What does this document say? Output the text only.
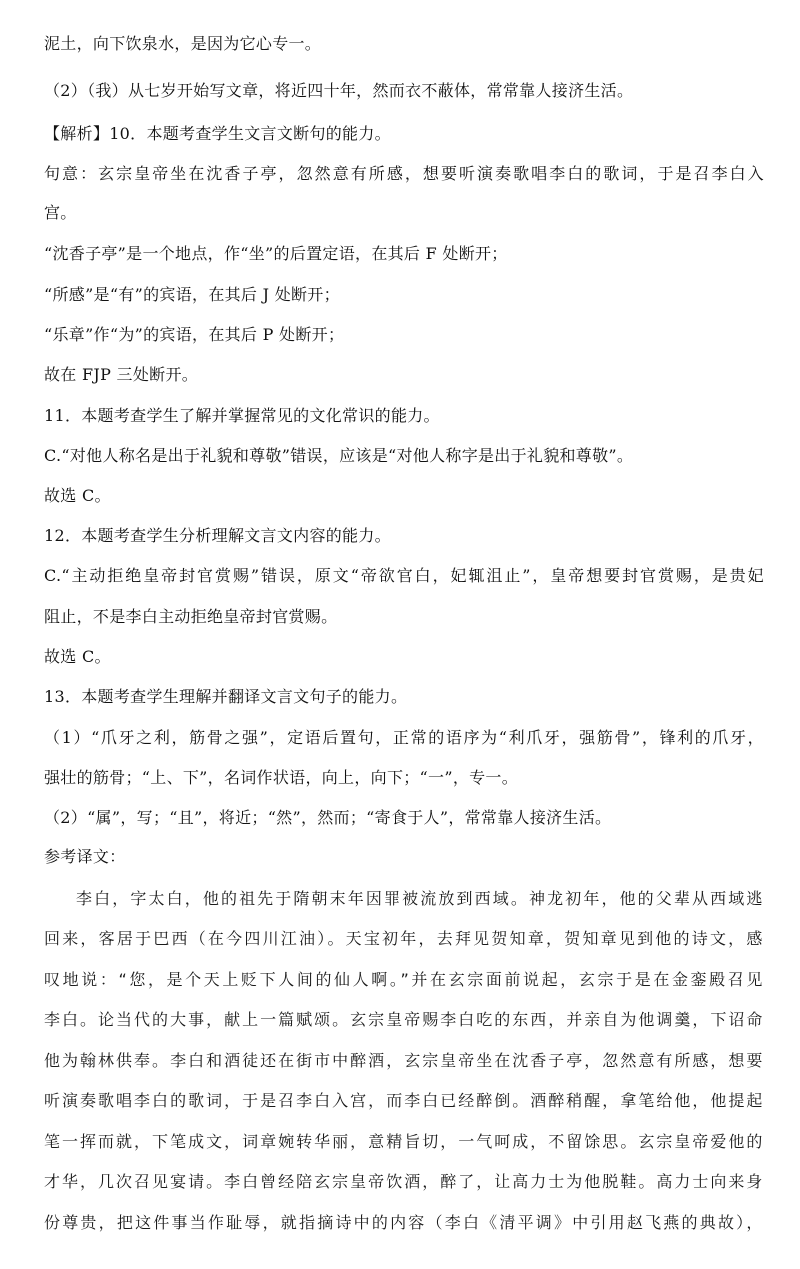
泥土，向下饮泉水，是因为它心专一。
（2）（我）从七岁开始写文章，将近四十年，然而衣不蔽体，常常靠人接济生活。
【解析】10．本题考查学生文言文断句的能力。
句意：玄宗皇帝坐在沈香子亭，忽然意有所感，想要听演奏歌唱李白的歌词，于是召李白入
宫。
“沈香子亭”是一个地点，作“坐”的后置定语，在其后 F 处断开；
“所感”是“有”的宾语，在其后 J 处断开；
“乐章”作“为”的宾语，在其后 P 处断开；
故在 FJP 三处断开。
11．本题考查学生了解并掌握常见的文化常识的能力。
C.“对他人称名是出于礼貌和尊敬”错误，应该是“对他人称字是出于礼貌和尊敬”。
故选 C。
12．本题考查学生分析理解文言文内容的能力。
C.“主动拒绝皇帝封官赏赐”错误，原文“帝欲官白，妃辄沮止”，皇帝想要封官赏赐，是贵妃
阻止，不是李白主动拒绝皇帝封官赏赐。
故选 C。
13．本题考查学生理解并翻译文言文句子的能力。
（1）“爪牙之利，筋骨之强”，定语后置句，正常的语序为“利爪牙，强筋骨”，锋利的爪牙，
强壮的筋骨；“上、下”，名词作状语，向上，向下；“一”，专一。
（2）“属”，写；“且”，将近；“然”，然而；“寄食于人”，常常靠人接济生活。
参考译文：
李白，字太白，他的祖先于隋朝末年因罪被流放到西域。神龙初年，他的父辈从西域逃
回来，客居于巴西（在今四川江油）。天宝初年，去拜见贺知章，贺知章见到他的诗文，感
叹地说：“您，是个天上贬下人间的仙人啊。”并在玄宗面前说起，玄宗于是在金銮殿召见
李白。论当代的大事，献上一篇赋颂。玄宗皇帝赐李白吃的东西，并亲自为他调羹，下诏命
他为翰林供奉。李白和酒徒还在街市中醉酒，玄宗皇帝坐在沈香子亭，忽然意有所感，想要
听演奏歌唱李白的歌词，于是召李白入宫，而李白已经醉倒。酒醉稍醒，拿笔给他，他提起
笔一挥而就，下笔成文，词章婉转华丽，意精旨切，一气呵成，不留馀思。玄宗皇帝爱他的
才华，几次召见宴请。李白曾经陪玄宗皇帝饮酒，醉了，让高力士为他脱鞋。高力士向来身
份尊贵，把这件事当作耻辱，就指摘诗中的内容（李白《清平调》中引用赵飞燕的典故），
